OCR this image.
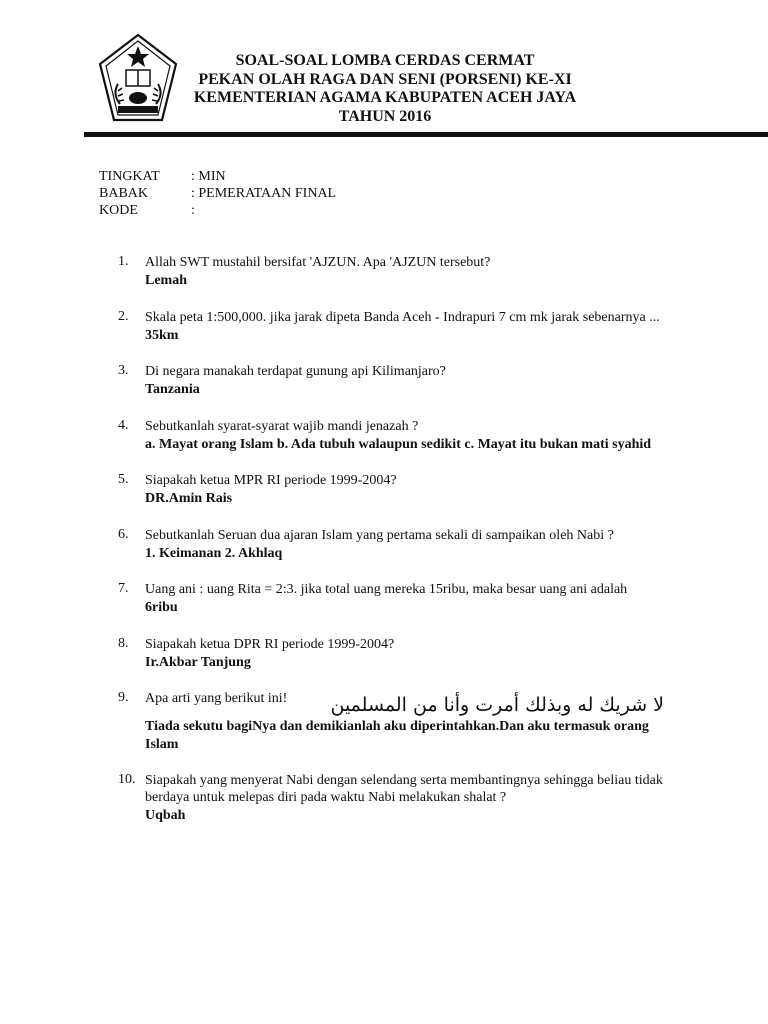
SOAL-SOAL LOMBA CERDAS CERMAT
PEKAN OLAH RAGA DAN SENI (PORSENI) KE-XI
KEMENTERIAN AGAMA KABUPATEN ACEH JAYA
TAHUN 2016
TINGKAT	: MIN
BABAK	: PEMERATAAN FINAL
KODE	:
1.	Allah SWT mustahil bersifat 'AJZUN. Apa 'AJZUN tersebut?
Lemah
2.	Skala peta 1:500,000. jika jarak dipeta Banda Aceh - Indrapuri 7 cm mk jarak sebenarnya ...
35km
3.	Di negara manakah terdapat gunung api Kilimanjaro?
Tanzania
4.	Sebutkanlah syarat-syarat wajib mandi jenazah ?
a. Mayat orang Islam b. Ada tubuh walaupun sedikit c. Mayat itu bukan mati syahid
5.	Siapakah ketua MPR RI periode 1999-2004?
DR.Amin Rais
6.	Sebutkanlah Seruan dua ajaran Islam yang pertama sekali di sampaikan oleh Nabi ?
1. Keimanan 2. Akhlaq
7.	Uang ani : uang Rita = 2:3. jika total uang mereka 15ribu, maka besar uang ani adalah
6ribu
8.	Siapakah ketua DPR RI periode 1999-2004?
Ir.Akbar Tanjung
9.	Apa arti yang berikut ini!	لا شريك له وبذلك أمرت وأنا من المسلمين
Tiada sekutu bagiNya dan demikianlah aku diperintahkan.Dan aku termasuk orang Islam
10. Siapakah yang menyerat Nabi dengan selendang serta membantingnya sehingga beliau tidak berdaya untuk melepas diri pada waktu Nabi melakukan shalat ?
Uqbah
